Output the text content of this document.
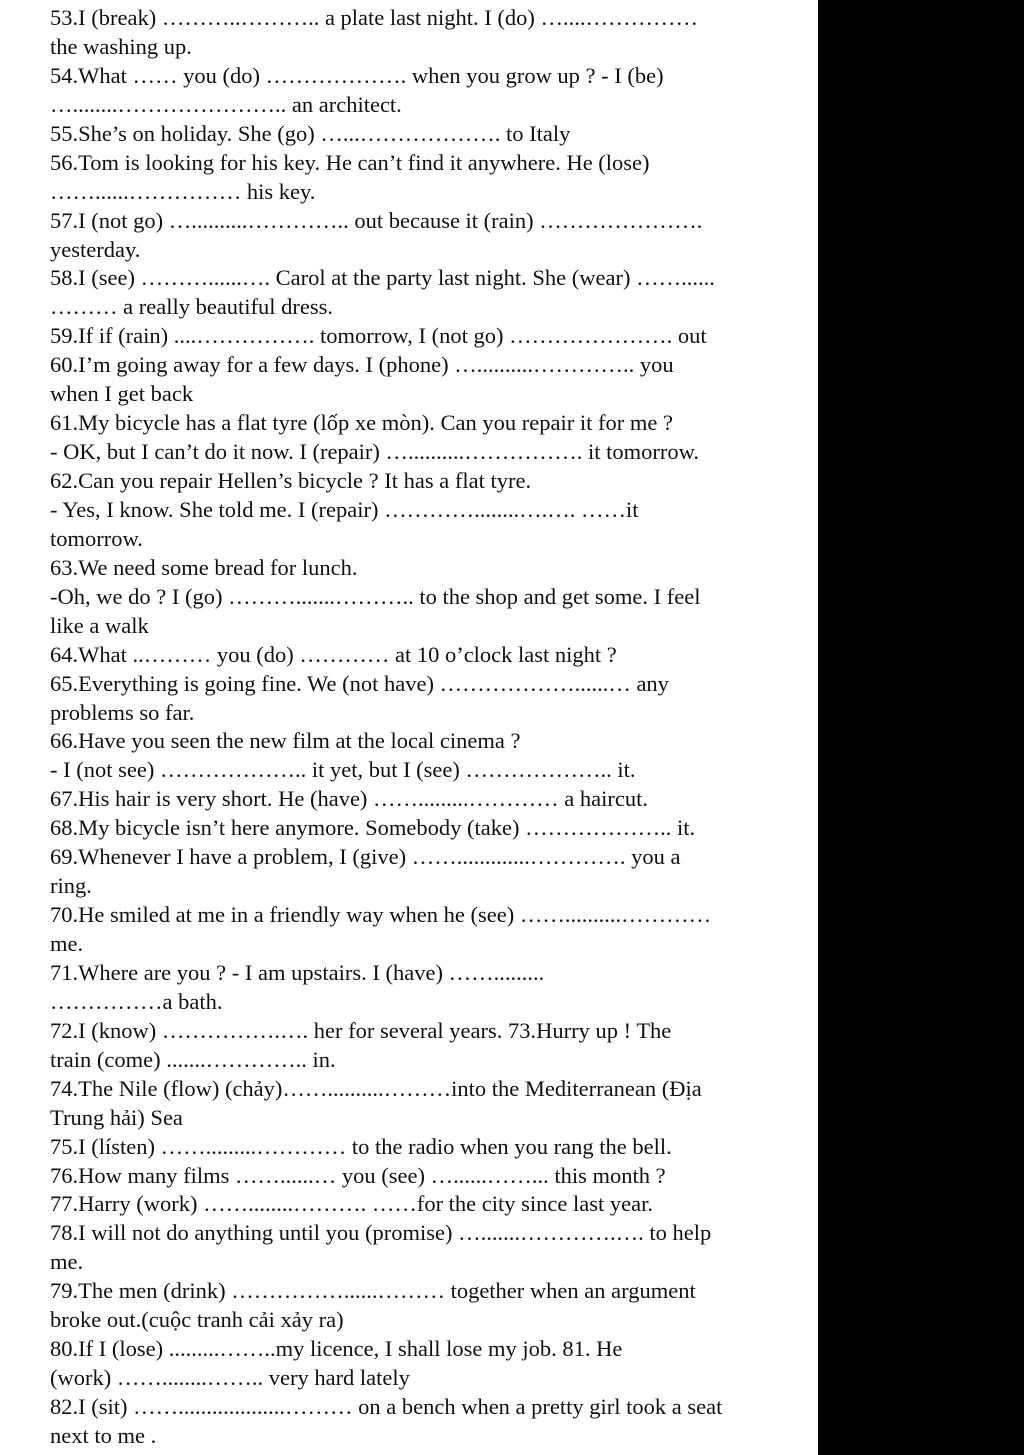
53.I (break) ………..……….. a plate last night. I (do) …....……………
the washing up.
54.What …… you (do) ………………. when you grow up ? - I (be)
…........………………….. an architect.
55.She’s on holiday. She (go) …...………………. to Italy
56.Tom is looking for his key. He can’t find it anywhere. He (lose)
……......…………… his key.
57.I (not go) …..........………….. out because it (rain) ………………….
yesterday.
58.I (see) ………......…. Carol at the party last night. She (wear) ……......
……… a really beautiful dress.
59.If if (rain) ....……………. tomorrow, I (not go) …………………. out
60.I’m going away for a few days. I (phone) …..........………….. you
when I get back
61.My bicycle has a flat tyre (lốp xe mòn). Can you repair it for me ?
- OK, but I can’t do it now. I (repair) …..........……………. it tomorrow.
62.Can you repair Hellen’s bicycle ? It has a flat tyre.
- Yes, I know. She told me. I (repair) …………........….…. ……it
tomorrow.
63.We need some bread for lunch.
-Oh, we do ? I (go) ……….......……….. to the shop and get some. I feel
like a walk
64.What ..……… you (do) ………… at 10 o’clock last night ?
65.Everything is going fine. We (not have) ………………......… any
problems so far.
66.Have you seen the new film at the local cinema ?
- I (not see) ……………….. it yet, but I (see) ……………….. it.
67.His hair is very short. He (have) …….........………… a haircut.
68.My bicycle isn’t here anymore. Somebody (take) ……………….. it.
69.Whenever I have a problem, I (give) …….............…………. you a
ring.
70.He smiled at me in a friendly way when he (see) ……..........…………
me.
71.Where are you ? - I am upstairs. I (have) …….........
……………a bath.
72.I (know) …………….…. her for several years. 73.Hurry up ! The
train (come) .......………….. in.
74.The Nile (flow) (chảy)……..........………into the Mediterranean (Địa
Trung hải) Sea
75.I (lísten) …….........………… to the radio when you rang the bell.
76.How many films ……......… you (see) …......……... this month ?
77.Harry (work) ……........………. ……for the city since last year.
78.I will not do anything until you (promise) ….......………….…. to help
me.
79.The men (drink) ……………......……… together when an argument
broke out.(cuộc tranh cải xảy ra)
80.If I (lose) .........……..my licence, I shall lose my job. 81. He
(work) ……........…….. very hard lately
82.I (sit) ……...................……… on a bench when a pretty girl took a seat
next to me .
